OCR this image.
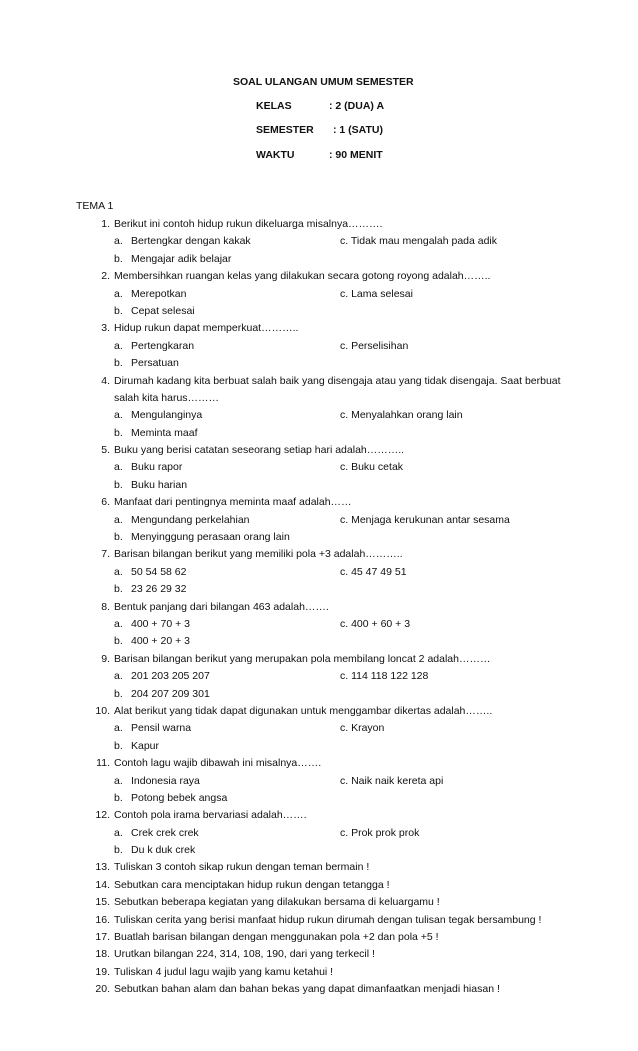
SOAL ULANGAN UMUM SEMESTER
KELAS	: 2 (DUA) A
SEMESTER : 1 (SATU)
WAKTU	: 90 MENIT
TEMA 1
1. Berikut ini contoh hidup rukun dikeluarga misalnya……….
a. Bertengkar dengan kakak	c. Tidak mau mengalah pada adik
b. Mengajar adik belajar
2. Membersihkan ruangan kelas yang dilakukan secara gotong royong adalah……..
a. Merepotkan	c. Lama selesai
b. Cepat selesai
3. Hidup rukun dapat memperkuat………..
a. Pertengkaran	c. Perselisihan
b. Persatuan
4. Dirumah kadang kita berbuat salah baik yang disengaja atau yang tidak disengaja. Saat berbuat
salah kita harus………
a. Mengulanginya	c. Menyalahkan orang lain
b. Meminta maaf
5. Buku yang berisi catatan seseorang setiap hari adalah………..
a. Buku rapor	c. Buku cetak
b. Buku harian
6. Manfaat dari pentingnya meminta maaf adalah……
a. Mengundang perkelahian	c. Menjaga kerukunan antar sesama
b. Menyinggung perasaan orang lain
7. Barisan bilangan berikut yang memiliki pola +3 adalah………..
a. 50 54 58 62	c. 45 47 49 51
b. 23 26 29 32
8. Bentuk panjang dari bilangan 463 adalah…….
a. 400 + 70 + 3	c. 400 + 60 + 3
b. 400 + 20 + 3
9. Barisan bilangan berikut yang merupakan pola membilang loncat 2 adalah………
a. 201 203 205 207	c. 114 118 122 128
b. 204 207 209 301
10. Alat berikut yang tidak dapat digunakan untuk menggambar dikertas adalah……..
a. Pensil warna	c. Krayon
b. Kapur
11. Contoh lagu wajib dibawah ini misalnya…….
a. Indonesia raya	c. Naik naik kereta api
b. Potong bebek angsa
12. Contoh pola irama bervariasi adalah…….
a. Crek crek crek	c. Prok prok prok
b. Du k duk crek
13. Tuliskan 3 contoh sikap rukun dengan teman bermain !
14. Sebutkan cara menciptakan hidup rukun dengan tetangga !
15. Sebutkan beberapa kegiatan yang dilakukan bersama di keluargamu !
16. Tuliskan cerita yang berisi manfaat hidup rukun dirumah dengan tulisan tegak bersambung !
17. Buatlah barisan bilangan dengan menggunakan pola +2 dan pola +5 !
18. Urutkan bilangan 224, 314, 108, 190, dari yang terkecil !
19. Tuliskan 4 judul lagu wajib yang kamu ketahui !
20. Sebutkan bahan alam dan bahan bekas yang dapat dimanfaatkan menjadi hiasan !
